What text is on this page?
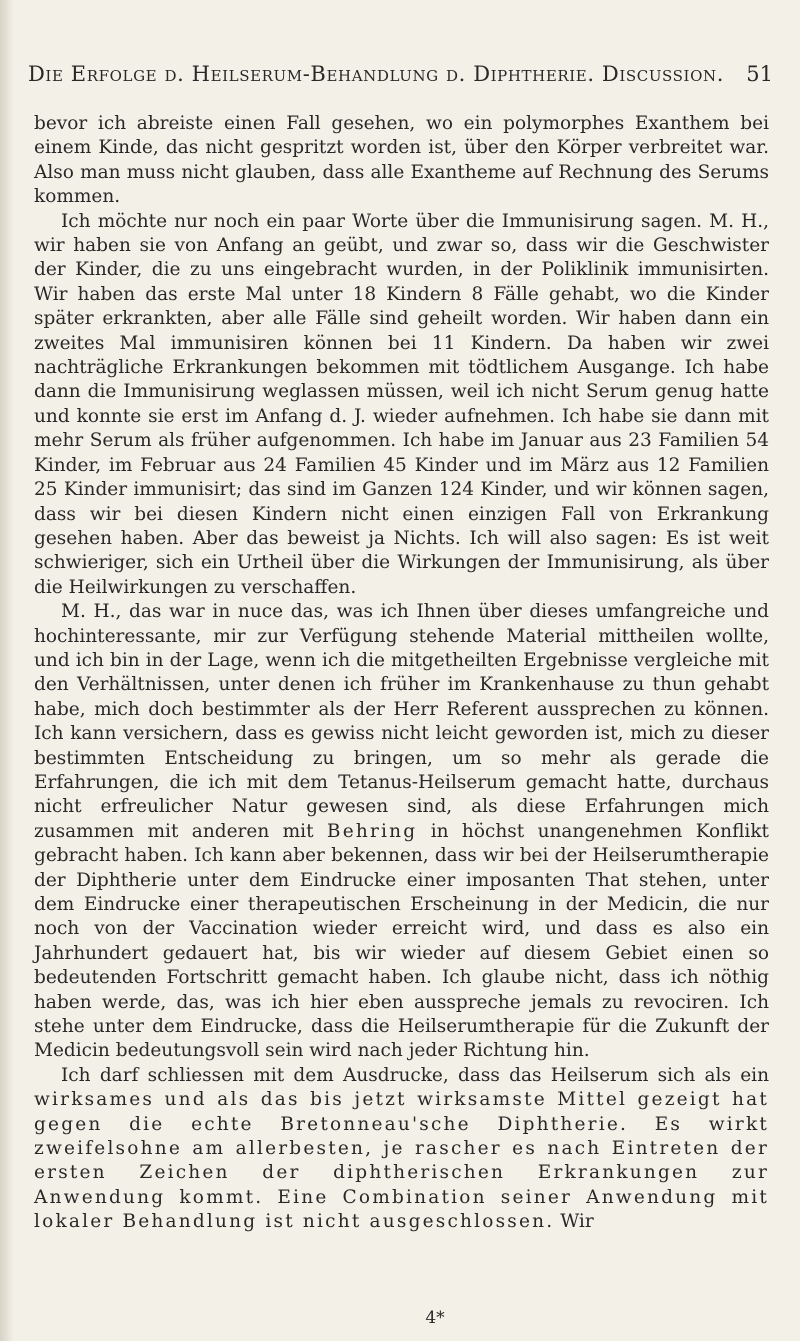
Die Erfolge d. Heilserum-Behandlung d. Diphtherie. Discussion. 51

bevor ich abreiste einen Fall gesehen, wo ein polymorphes Exanthem bei einem Kinde, das nicht gespritzt worden ist, über den Körper verbreitet war. Also man muss nicht glauben, dass alle Exantheme auf Rechnung des Serums kommen.

Ich möchte nur noch ein paar Worte über die Immunisirung sagen. M. H., wir haben sie von Anfang an geübt, und zwar so, dass wir die Geschwister der Kinder, die zu uns eingebracht wurden, in der Poliklinik immunisirten. Wir haben das erste Mal unter 18 Kindern 8 Fälle gehabt, wo die Kinder später erkrankten, aber alle Fälle sind geheilt worden. Wir haben dann ein zweites Mal immunisiren können bei 11 Kindern. Da haben wir zwei nachträgliche Erkrankungen bekommen mit tödtlichem Ausgange. Ich habe dann die Immunisirung weglassen müssen, weil ich nicht Serum genug hatte und konnte sie erst im Anfang d. J. wieder aufnehmen. Ich habe sie dann mit mehr Serum als früher aufgenommen. Ich habe im Januar aus 23 Familien 54 Kinder, im Februar aus 24 Familien 45 Kinder und im März aus 12 Familien 25 Kinder immunisirt; das sind im Ganzen 124 Kinder, und wir können sagen, dass wir bei diesen Kindern nicht einen einzigen Fall von Erkrankung gesehen haben. Aber das beweist ja Nichts. Ich will also sagen: Es ist weit schwieriger, sich ein Urtheil über die Wirkungen der Immunisirung, als über die Heilwirkungen zu verschaffen.

M. H., das war in nuce das, was ich Ihnen über dieses umfangreiche und hochinteressante, mir zur Verfügung stehende Material mittheilen wollte, und ich bin in der Lage, wenn ich die mitgetheilten Ergebnisse vergleiche mit den Verhältnissen, unter denen ich früher im Krankenhause zu thun gehabt habe, mich doch bestimmter als der Herr Referent aussprechen zu können. Ich kann versichern, dass es gewiss nicht leicht geworden ist, mich zu dieser bestimmten Entscheidung zu bringen, um so mehr als gerade die Erfahrungen, die ich mit dem Tetanus-Heilserum gemacht hatte, durchaus nicht erfreulicher Natur gewesen sind, als diese Erfahrungen mich zusammen mit anderen mit Behring in höchst unangenehmen Konflikt gebracht haben. Ich kann aber bekennen, dass wir bei der Heilserumtherapie der Diphtherie unter dem Eindrucke einer imposanten That stehen, unter dem Eindrucke einer therapeutischen Erscheinung in der Medicin, die nur noch von der Vaccination wieder erreicht wird, und dass es also ein Jahrhundert gedauert hat, bis wir wieder auf diesem Gebiet einen so bedeutenden Fortschritt gemacht haben. Ich glaube nicht, dass ich nöthig haben werde, das, was ich hier eben ausspreche jemals zu revociren. Ich stehe unter dem Eindrucke, dass die Heilserumtherapie für die Zukunft der Medicin bedeutungsvoll sein wird nach jeder Richtung hin.

Ich darf schliessen mit dem Ausdrucke, dass das Heilserum sich als ein wirksames und als das bis jetzt wirksamste Mittel gezeigt hat gegen die echte Bretonneau'sche Diphtherie. Es wirkt zweifelsohne am allerbesten, je rascher es nach Eintreten der ersten Zeichen der diphtherischen Erkrankungen zur Anwendung kommt. Eine Combination seiner Anwendung mit lokaler Behandlung ist nicht ausgeschlossen. Wir

4*
